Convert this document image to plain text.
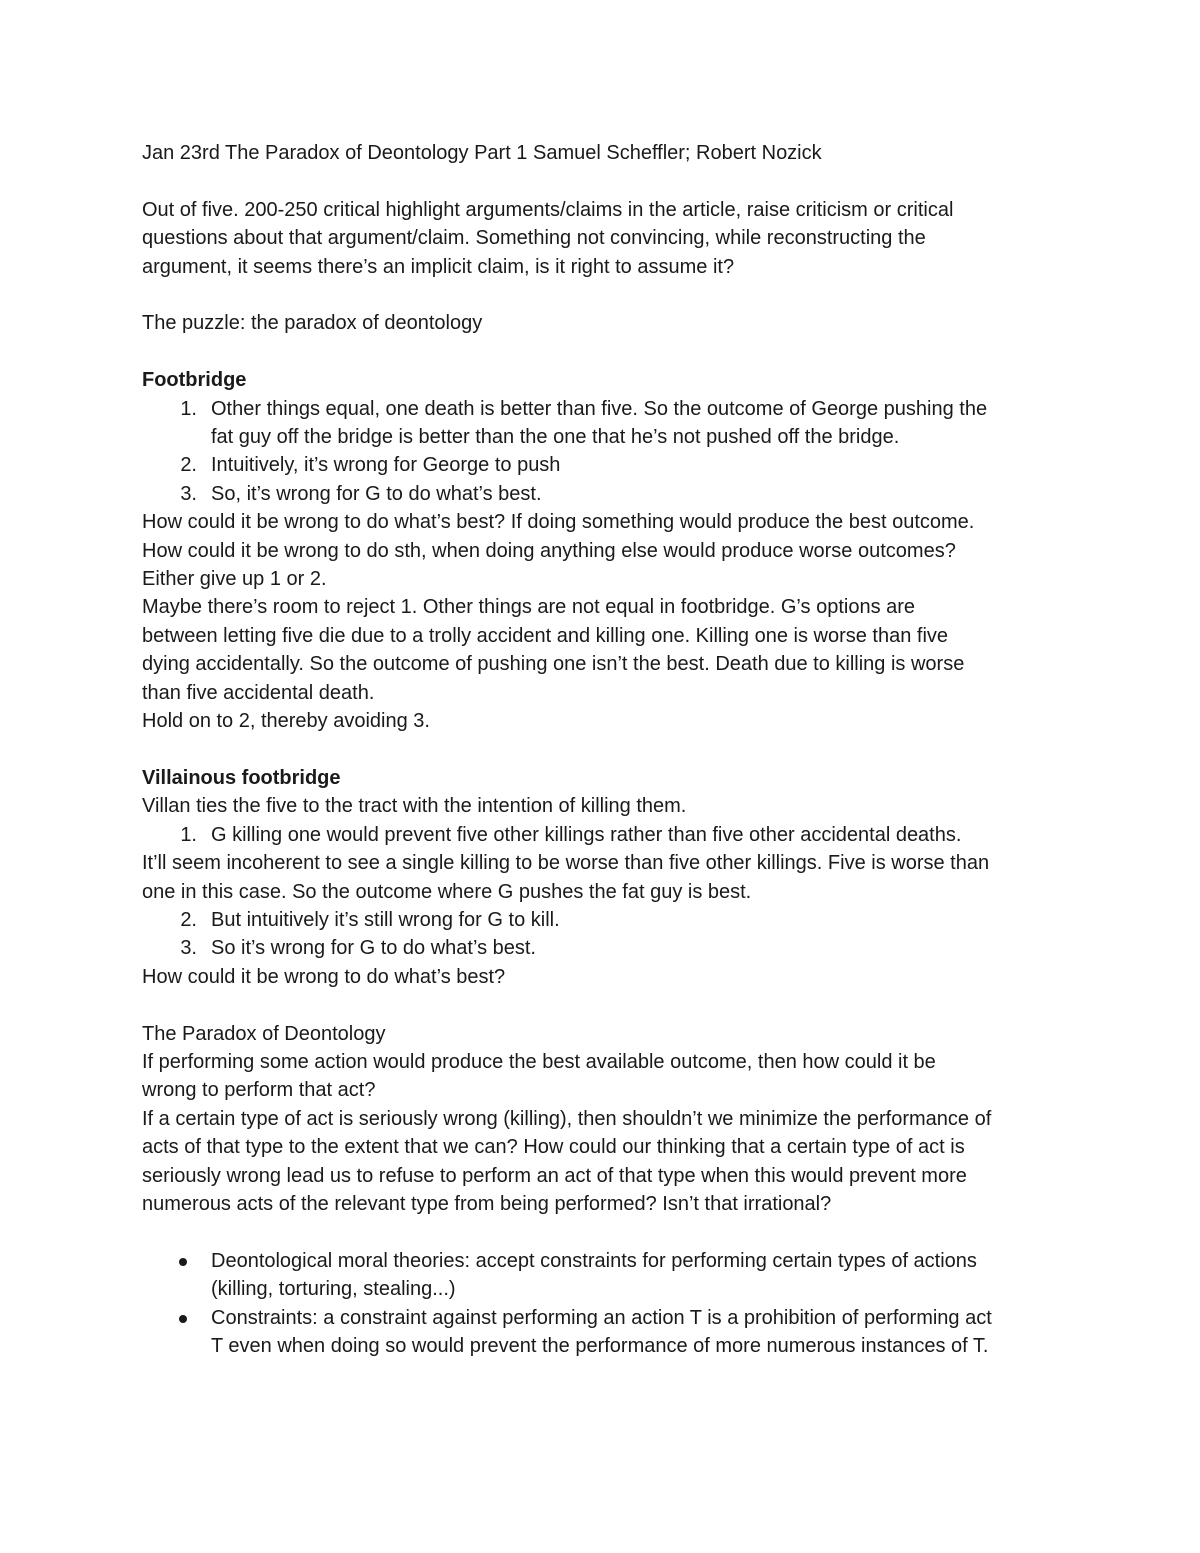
Jan 23rd The Paradox of Deontology Part 1 Samuel Scheffler; Robert Nozick

Out of five. 200-250 critical highlight arguments/claims in the article, raise criticism or critical

questions about that argument/claim. Something not convincing, while reconstructing the

argument, it seems there’s an implicit claim, is it right to assume it?

The puzzle: the paradox of deontology

Footbridge

1. Other things equal, one death is better than five. So the outcome of George pushing the
fat guy off the bridge is better than the one that he’s not pushed off the bridge.
2. Intuitively, it’s wrong for George to push
3. So, it’s wrong for G to do what’s best.

How could it be wrong to do what’s best? If doing something would produce the best outcome.

How could it be wrong to do sth, when doing anything else would produce worse outcomes?

Either give up 1 or 2.

Maybe there’s room to reject 1. Other things are not equal in footbridge. G’s options are

between letting five die due to a trolly accident and killing one. Killing one is worse than five

dying accidentally. So the outcome of pushing one isn’t the best. Death due to killing is worse

than five accidental death.

Hold on to 2, thereby avoiding 3.

Villainous footbridge

Villan ties the five to the tract with the intention of killing them.

1. G killing one would prevent five other killings rather than five other accidental deaths.

It’ll seem incoherent to see a single killing to be worse than five other killings. Five is worse than

one in this case. So the outcome where G pushes the fat guy is best.

2. But intuitively it’s still wrong for G to kill.
3. So it’s wrong for G to do what’s best.

How could it be wrong to do what’s best?

The Paradox of Deontology

If performing some action would produce the best available outcome, then how could it be

wrong to perform that act?

If a certain type of act is seriously wrong (killing), then shouldn’t we minimize the performance of

acts of that type to the extent that we can? How could our thinking that a certain type of act is

seriously wrong lead us to refuse to perform an act of that type when this would prevent more

numerous acts of the relevant type from being performed? Isn’t that irrational?

Deontological moral theories: accept constraints for performing certain types of actions
(killing, torturing, stealing...)
Constraints: a constraint against performing an action T is a prohibition of performing act
T even when doing so would prevent the performance of more numerous instances of T.
